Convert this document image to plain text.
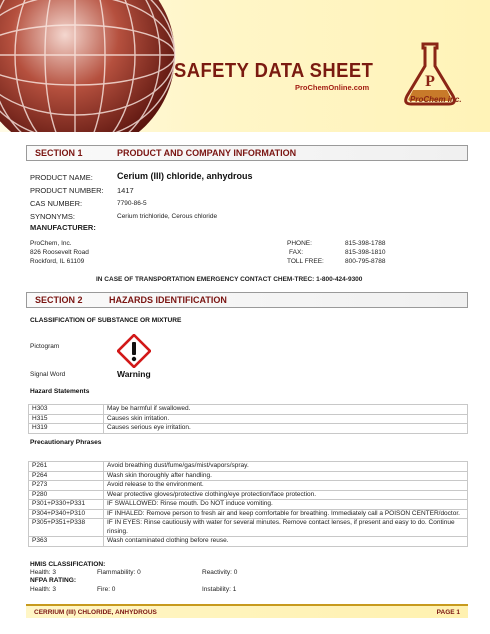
SAFETY DATA SHEET
ProChemOnline.com	P
ProChem inc.
SECTION 1	PRODUCT AND COMPANY INFORMATION
PRODUCT NAME:	Cerium (III) chloride, anhydrous
PRODUCT NUMBER: 1417
CAS NUMBER:	7790-86-5
SYNONYMS:	Cerium trichloride, Cerous chloride
MANUFACTURER:
ProChem, Inc.
826 Roosevelt Road
Rockford, IL 61109
PHONE:	815-398-1788
FAX:	815-398-1810
TOLL FREE:	800-795-8788
IN CASE OF TRANSPORTATION EMERGENCY CONTACT CHEM-TREC: 1-800-424-9300
SECTION 2	HAZARDS IDENTIFICATION
CLASSIFICATION OF SUBSTANCE OR MIXTURE
Pictogram
Signal Word	Warning
Hazard Statements
H303	May be harmful if swallowed.
H315	Causes skin irritation.
H319	Causes serious eye irritation.
Precautionary Phrases
P261	Avoid breathing dust/fume/gas/mist/vapors/spray.
P264	Wash skin thoroughly after handling.
P273	Avoid release to the environment.
P280	Wear protective gloves/protective clothing/eye protection/face protection.
P301+P330+P331	IF SWALLOWED: Rinse mouth. Do NOT induce vomiting.
P304+P340+P310	IF INHALED: Remove person to fresh air and keep comfortable for breathing. Immediately call a POISON CENTER/doctor.
P305+P351+P338	IF IN EYES: Rinse cautiously with water for several minutes. Remove contact lenses, if present and easy to do. Continue rinsing.
P363	Wash contaminated clothing before reuse.
HMIS CLASSIFICATION:
Health: 3	Flammability: 0	Reactivity: 0
NFPA RATING:
Health: 3	Fire: 0	Instability: 1
CERRIUM (III) CHLORIDE, ANHYDROUS	PAGE 1
